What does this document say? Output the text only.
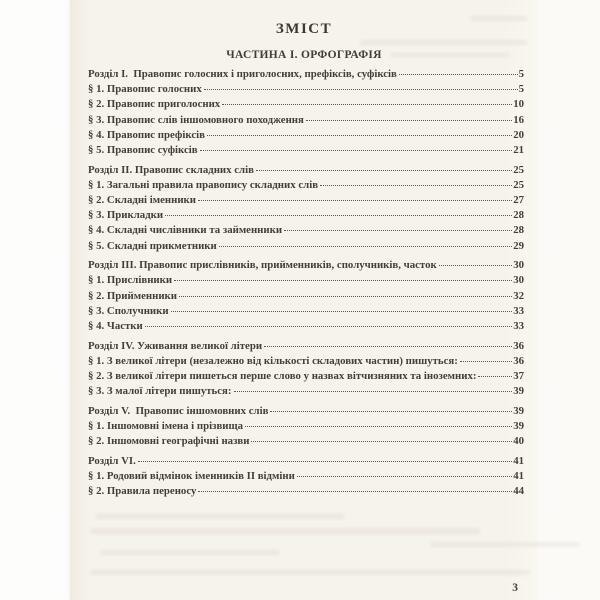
ЗМІСТ
ЧАСТИНА I. ОРФОГРАФІЯ
Розділ I.  Правопис голосних і приголосних, префіксів, суфіксів	5
§ 1. Правопис голосних	5
§ 2. Правопис приголосних	10
§ 3. Правопис слів іншомовного походження	16
§ 4. Правопис префіксів	20
§ 5. Правопис суфіксів	21
Розділ II. Правопис складних слів	25
§ 1. Загальні правила правопису складних слів	25
§ 2. Складні іменники	27
§ 3. Прикладки	28
§ 4. Складні числівники та займенники	28
§ 5. Складні прикметники	29
Розділ III. Правопис прислівників, прийменників, сполучників, часток	30
§ 1. Прислівники	30
§ 2. Прийменники	32
§ 3. Сполучники	33
§ 4. Частки	33
Розділ IV. Уживання великої літери	36
§ 1. З великої літери (незалежно від кількості складових частин) пишуться:	36
§ 2. З великої літери пишеться перше слово у назвах вітчизняних та іноземних:	37
§ 3. З малої літери пишуться:	39
Розділ V.  Правопис іншомовних слів	39
§ 1. Іншомовні імена і прізвища	39
§ 2. Іншомовні географічні назви	40
Розділ VI.	41
§ 1. Родовий відмінок іменників II відміни	41
§ 2. Правила переносу	44
3
